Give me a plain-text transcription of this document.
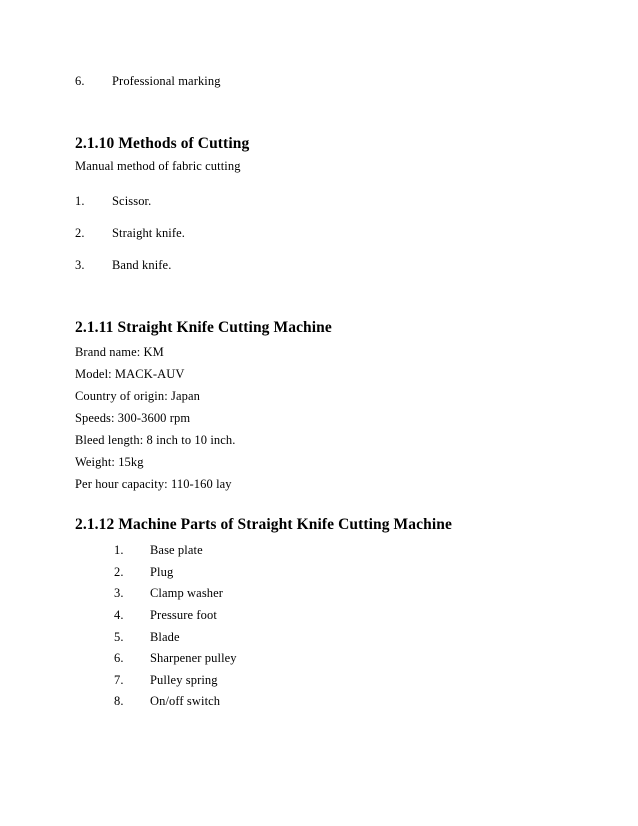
6. Professional marking
2.1.10 Methods of Cutting
Manual method of fabric cutting
1. Scissor.
2. Straight knife.
3. Band knife.
2.1.11 Straight Knife Cutting Machine
Brand name: KM
Model: MACK-AUV
Country of origin: Japan
Speeds: 300-3600 rpm
Bleed length: 8 inch to 10 inch.
Weight: 15kg
Per hour capacity: 110-160 lay
2.1.12 Machine Parts of Straight Knife Cutting Machine
1. Base plate
2. Plug
3. Clamp washer
4. Pressure foot
5. Blade
6. Sharpener pulley
7. Pulley spring
8. On/off switch
